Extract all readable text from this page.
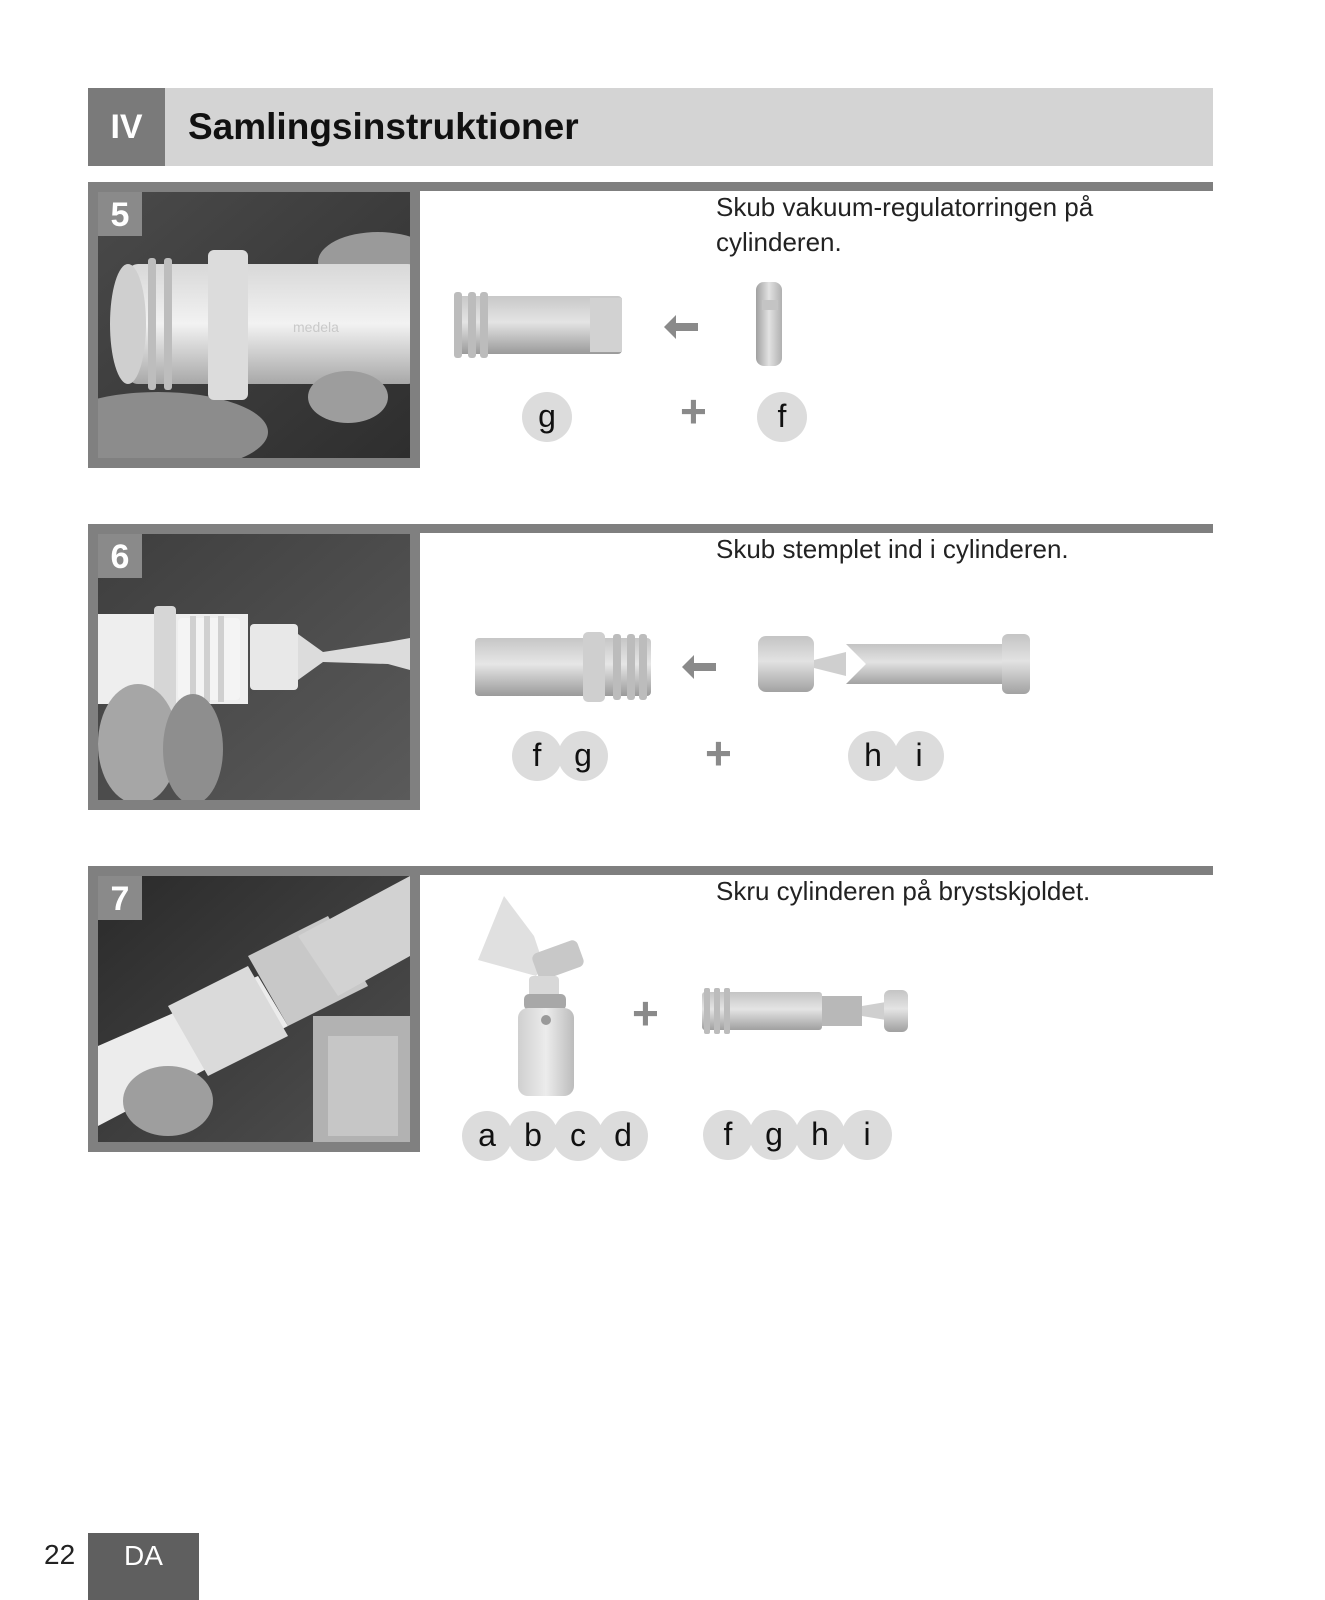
IV	Samlingsinstruktioner
medela
5	Skub vakuum-regulatorringen på cylinderen.
g	+	f
6	Skub stemplet ind i cylinderen.
f	g	+	h	i
7	Skru cylinderen på brystskjoldet.
+
a b c d	f	g h	i
22	DA
